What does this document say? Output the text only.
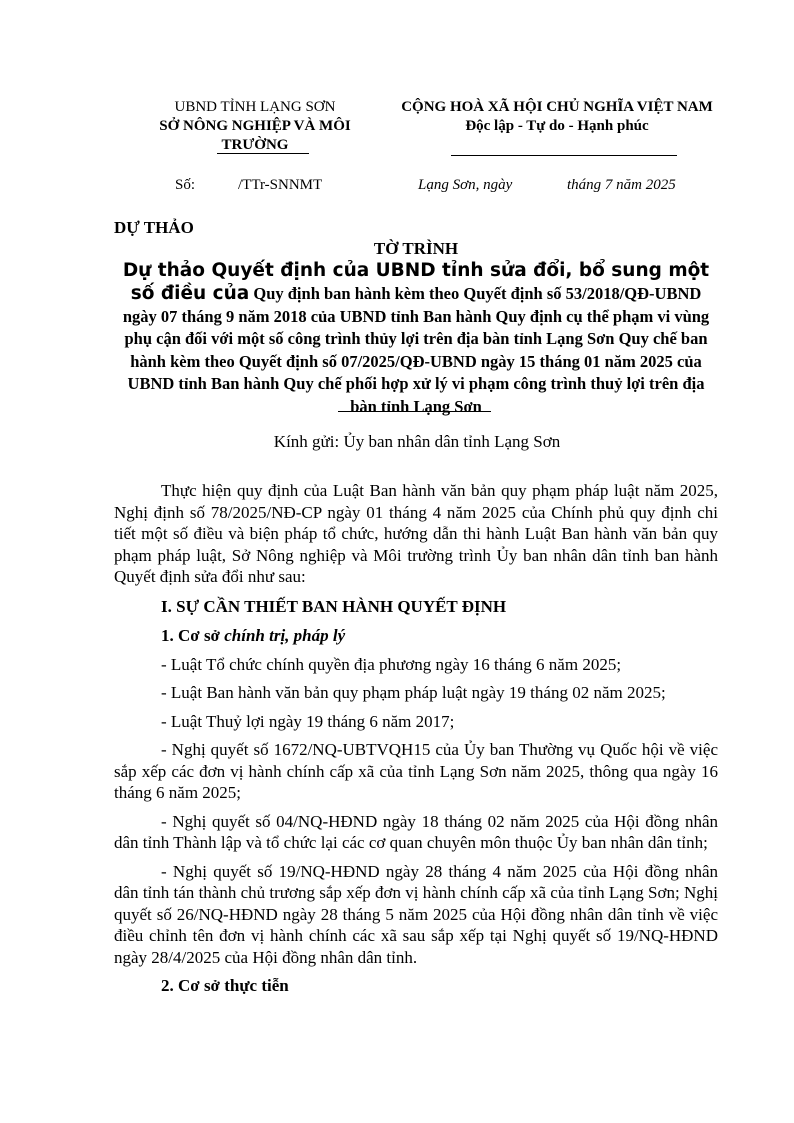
UBND TỈNH LẠNG SƠN
SỞ NÔNG NGHIỆP VÀ MÔI TRƯỜNG
CỘNG HOÀ XÃ HỘI CHỦ NGHĨA VIỆT NAM
Độc lập - Tự do - Hạnh phúc
Số:	/TTr-SNNMT	Lạng Sơn, ngày	tháng 7 năm 2025
DỰ THẢO
TỜ TRÌNH
Dự thảo Quyết định của UBND tỉnh sửa đổi, bổ sung một số điều của Quy định ban hành kèm theo Quyết định số 53/2018/QĐ-UBND ngày 07 tháng 9 năm 2018 của UBND tỉnh Ban hành Quy định cụ thể phạm vi vùng phụ cận đối với một số công trình thủy lợi trên địa bàn tỉnh Lạng Sơn Quy chế ban hành kèm theo Quyết định số 07/2025/QĐ-UBND ngày 15 tháng 01 năm 2025 của UBND tỉnh Ban hành Quy chế phối hợp xử lý vi phạm công trình thuỷ lợi trên địa bàn tỉnh Lạng Sơn
Kính gửi: Ủy ban nhân dân tỉnh Lạng Sơn

Thực hiện quy định của Luật Ban hành văn bản quy phạm pháp luật năm 2025, Nghị định số 78/2025/NĐ-CP ngày 01 tháng 4 năm 2025 của Chính phủ quy định chi tiết một số điều và biện pháp tổ chức, hướng dẫn thi hành Luật Ban hành văn bản quy phạm pháp luật, Sở Nông nghiệp và Môi trường trình Ủy ban nhân dân tỉnh ban hành Quyết định sửa đổi như sau:

I. SỰ CẦN THIẾT BAN HÀNH QUYẾT ĐỊNH

1. Cơ sở chính trị, pháp lý

- Luật Tổ chức chính quyền địa phương ngày 16 tháng 6 năm 2025;

- Luật Ban hành văn bản quy phạm pháp luật ngày 19 tháng 02 năm 2025;

- Luật Thuỷ lợi ngày 19 tháng 6 năm 2017;

- Nghị quyết số 1672/NQ-UBTVQH15 của Ủy ban Thường vụ Quốc hội về việc sắp xếp các đơn vị hành chính cấp xã của tỉnh Lạng Sơn năm 2025, thông qua ngày 16 tháng 6 năm 2025;

- Nghị quyết số 04/NQ-HĐND ngày 18 tháng 02 năm 2025 của Hội đồng nhân dân tỉnh Thành lập và tổ chức lại các cơ quan chuyên môn thuộc Ủy ban nhân dân tỉnh;

- Nghị quyết số 19/NQ-HĐND ngày 28 tháng 4 năm 2025 của Hội đồng nhân dân tỉnh tán thành chủ trương sắp xếp đơn vị hành chính cấp xã của tỉnh Lạng Sơn; Nghị quyết số 26/NQ-HĐND ngày 28 tháng 5 năm 2025 của Hội đồng nhân dân tỉnh về việc điều chỉnh tên đơn vị hành chính các xã sau sắp xếp tại Nghị quyết số 19/NQ-HĐND ngày 28/4/2025 của Hội đồng nhân dân tỉnh.

2. Cơ sở thực tiễn
